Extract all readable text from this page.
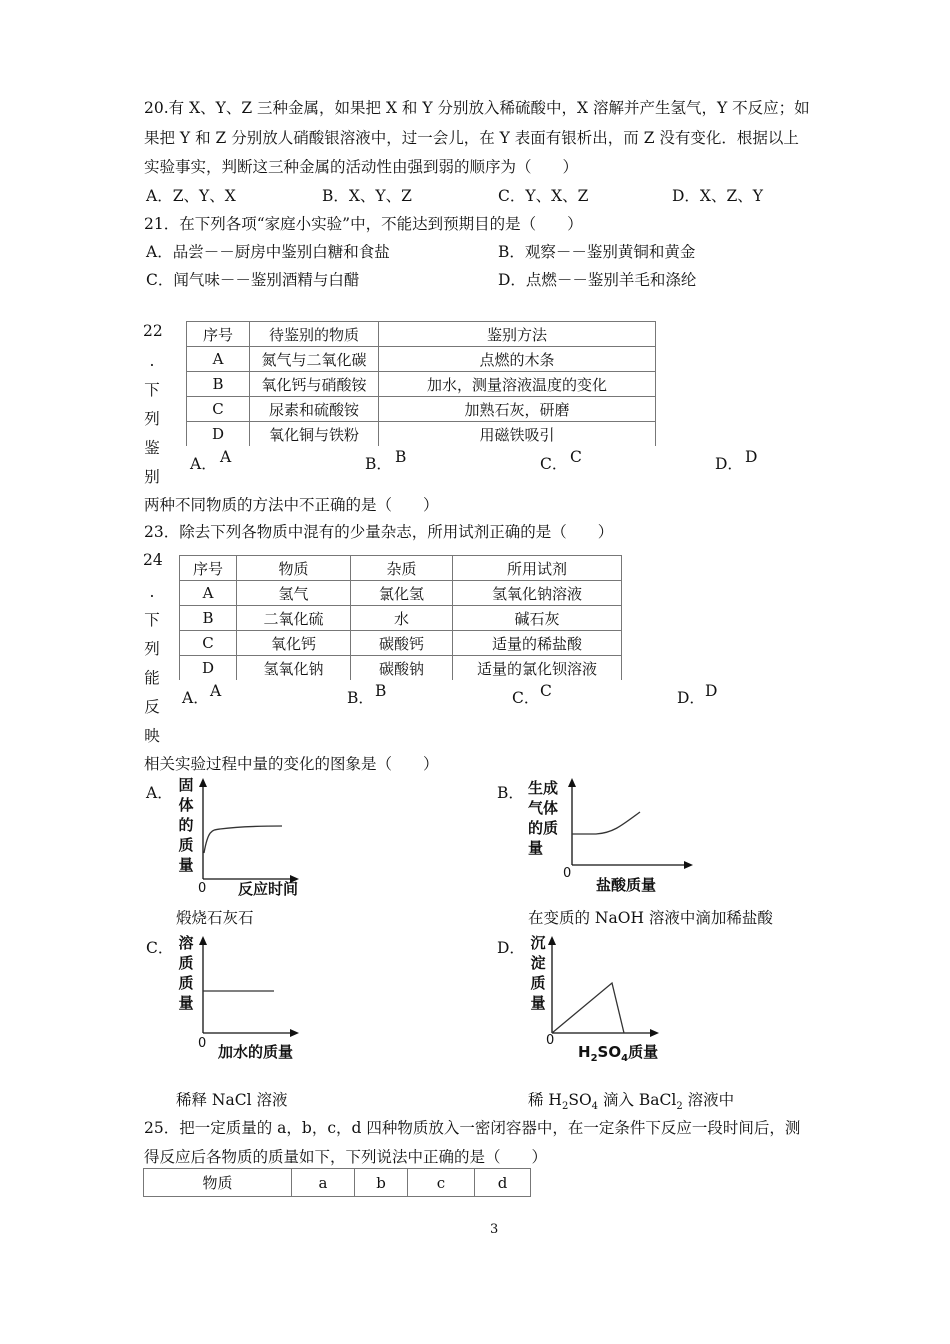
20.有 X、Y、Z 三种金属，如果把 X 和 Y 分别放入稀硫酸中，X 溶解并产生氢气，Y 不反应；如
果把 Y 和 Z 分别放人硝酸银溶液中，过一会儿，在 Y 表面有银析出，而 Z 没有变化．根据以上
实验事实，判断这三种金属的活动性由强到弱的顺序为（　　）
A．Z、Y、X	B．X、Y、Z	C．Y、X、Z	D．X、Z、Y
21．在下列各项“家庭小实验”中，不能达到预期目的是（　　）
A．品尝－－厨房中鉴别白糖和食盐	B．观察－－鉴别黄铜和黄金
C．闻气味－－鉴别酒精与白醋	D．点燃－－鉴别羊毛和涤纶
22
.
下
列
鉴
别
序号	待鉴别的物质	鉴别方法
A	氮气与二氧化碳	点燃的木条
B	氧化钙与硝酸铵	加水，测量溶液温度的变化
C	尿素和硫酸铵	加熟石灰，研磨
D	氧化铜与铁粉	用磁铁吸引
A． A	B． B	C． C	D． D
两种不同物质的方法中不正确的是（　　）
23．除去下列各物质中混有的少量杂志，所用试剂正确的是（　　）
24
.
下
列
能
反
映
序号	物质	杂质	所用试剂
A	氢气	氯化氢	氢氧化钠溶液
B	二氧化硫	水	碱石灰
C	氧化钙	碳酸钙	适量的稀盐酸
D	氢氧化钠	碳酸钠	适量的氯化钡溶液
A． A	B． B	C． C	D． D
相关实验过程中量的变化的图象是（　　）
A． 固
体
的
质
量
0 反应时间
煅烧石灰石
B． 生成
气体
的质
量
0
盐酸质量
在变质的 NaOH 溶液中滴加稀盐酸
C． 溶
质
质
量
0 加水的质量
稀释 NaCl 溶液
D． 沉
淀
质
量
0
$H_2SO_4$质量
稀 $H_2SO_4$ 滴入 BaCl$_2$ 溶液中
25．把一定质量的 a，b，c，d 四种物质放入一密闭容器中，在一定条件下反应一段时间后，测
得反应后各物质的质量如下，下列说法中正确的是（　　）
物质	a	b	c	d
3
